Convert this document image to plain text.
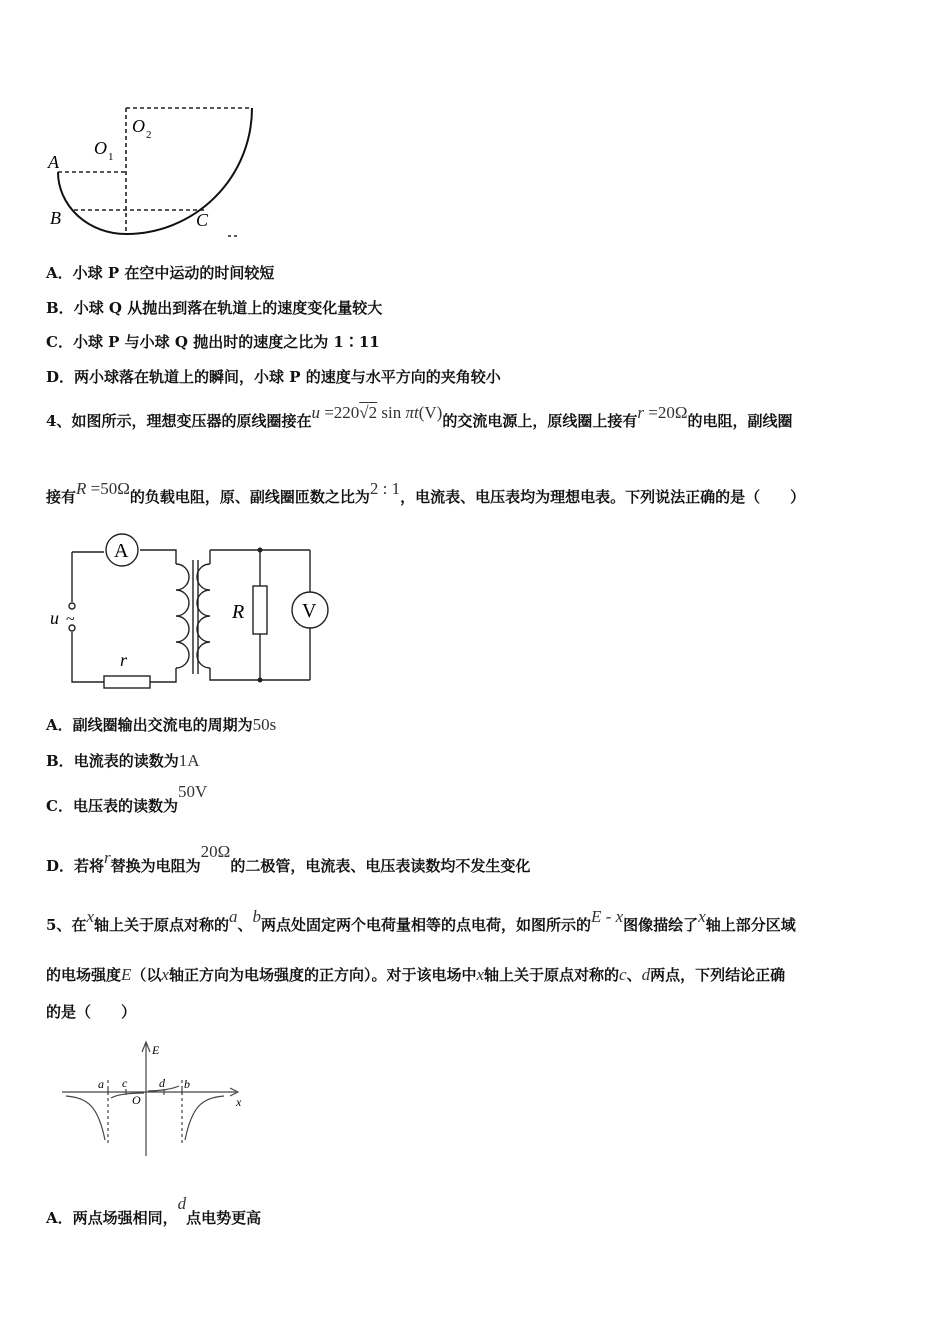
A
B	C
O 1
O 2
A．小球 P 在空中运动的时间较短
B．小球 Q 从抛出到落在轨道上的速度变化量较大
C．小球 P 与小球 Q 抛出时的速度之比为 1∶11
D．两小球落在轨道上的瞬间，小球 P 的速度与水平方向的夹角较小
4、如图所示，理想变压器的原线圈接在u =220√2 sin πt(V)的交流电源上，原线圈上接有r =20Ω的电阻，副线圈
接有R =50Ω的负载电阻，原、副线圈匝数之比为2 : 1，电流表、电压表均为理想电表。下列说法正确的是（　　）
A
V
R
r
u ~
A．副线圈输出交流电的周期为50s
B．电流表的读数为1A
C．电压表的读数为50V
D．若将r替换为电阻为20Ω的二极管，电流表、电压表读数均不发生变化
5、在x轴上关于原点对称的a、b两点处固定两个电荷量相等的点电荷，如图所示的E - x图像描绘了x轴上部分区域
的电场强度E（以x轴正方向为电场强度的正方向）。对于该电场中x轴上关于原点对称的c、d两点，下列结论正确
的是（　　）
E
x
O
a c	d b
A．两点场强相同，d点电势更高
